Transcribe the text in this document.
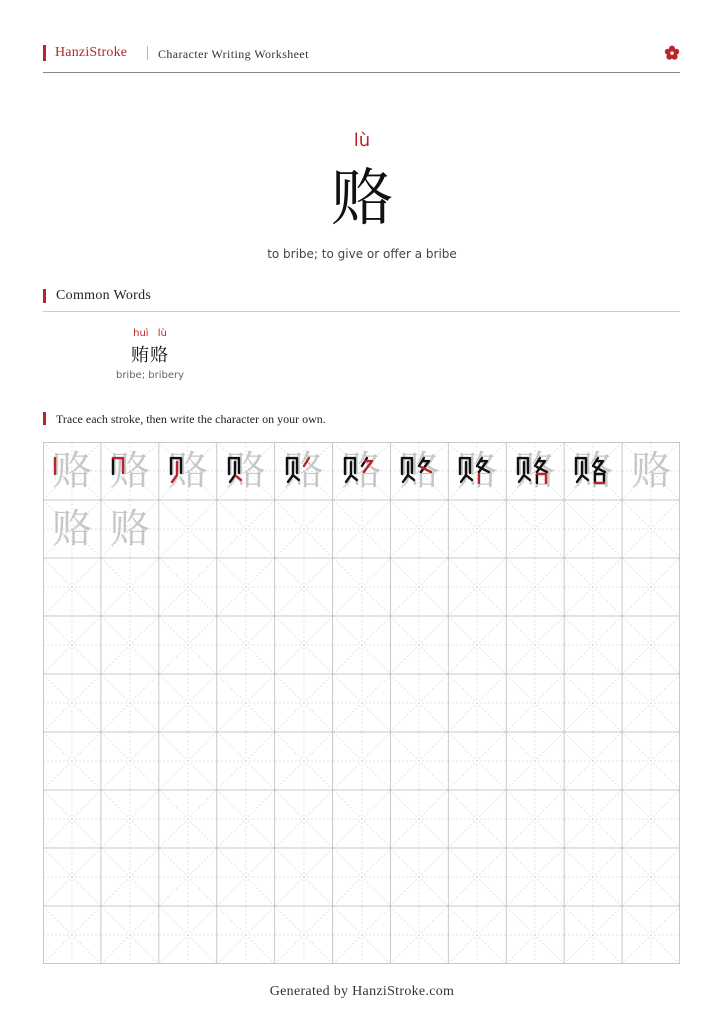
HanziStroke	Character Writing Worksheet
lù
赂
to bribe; to give or offer a bribe
Common Words
huì lù
贿赂
bribe; bribery
Trace each stroke, then write the character on your own.
赂 赂 赂 赂 赂 赂 赂 赂 赂 赂 赂
赂 赂
Generated by HanziStroke.com
